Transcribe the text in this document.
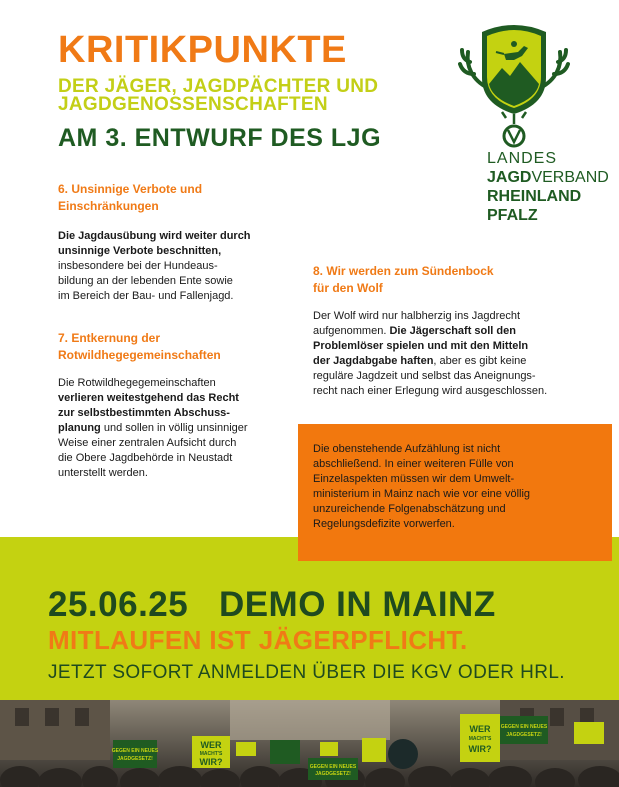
KRITIKPUNKTE
DER JÄGER, JAGDPÄCHTER UND
JAGDGENOSSENSCHAFTEN
AM 3. ENTWURF DES LJG
LANDES
JAGDVERBAND
RHEINLAND
PFALZ
6. Unsinnige Verbote und
Einschränkungen
Die Jagdausübung wird weiter durch
unsinnige Verbote beschnitten,
insbesondere bei der Hundeaus-
bildung an der lebenden Ente sowie
im Bereich der Bau- und Fallenjagd.
7. Entkernung der
Rotwildhegegemeinschaften
Die Rotwildhegegemeinschaften
verlieren weitestgehend das Recht
zur selbstbestimmten Abschuss-
planung und sollen in völlig unsinniger
Weise einer zentralen Aufsicht durch
die Obere Jagdbehörde in Neustadt
unterstellt werden.
8. Wir werden zum Sündenbock
für den Wolf
Der Wolf wird nur halbherzig ins Jagdrecht
aufgenommen. Die Jägerschaft soll den
Problemlöser spielen und mit den Mitteln
der Jagdabgabe haften, aber es gibt keine
reguläre Jagdzeit und selbst das Aneignungs-
recht nach einer Erlegung wird ausgeschlossen.
Die obenstehende Aufzählung ist nicht
abschließend. In einer weiteren Fülle von
Einzelaspekten müssen wir dem Umwelt-
ministerium in Mainz nach wie vor eine völlig
unzureichende Folgenabschätzung und
Regelungsdefizite vorwerfen.
25.06.25 DEMO IN MAINZ
MITLAUFEN IST JÄGERPFLICHT.
JETZT SOFORT ANMELDEN ÜBER DIE KGV ODER HRL.
GEGEN EIN NEUES
JAGDGESETZ!
WER
MACHT'S
WIR?
WER
MACHT'S
WIR?
GEGEN EIN NEUES
JAGDGESETZ!
GEGEN EIN NEUES
JAGDGESETZ!
